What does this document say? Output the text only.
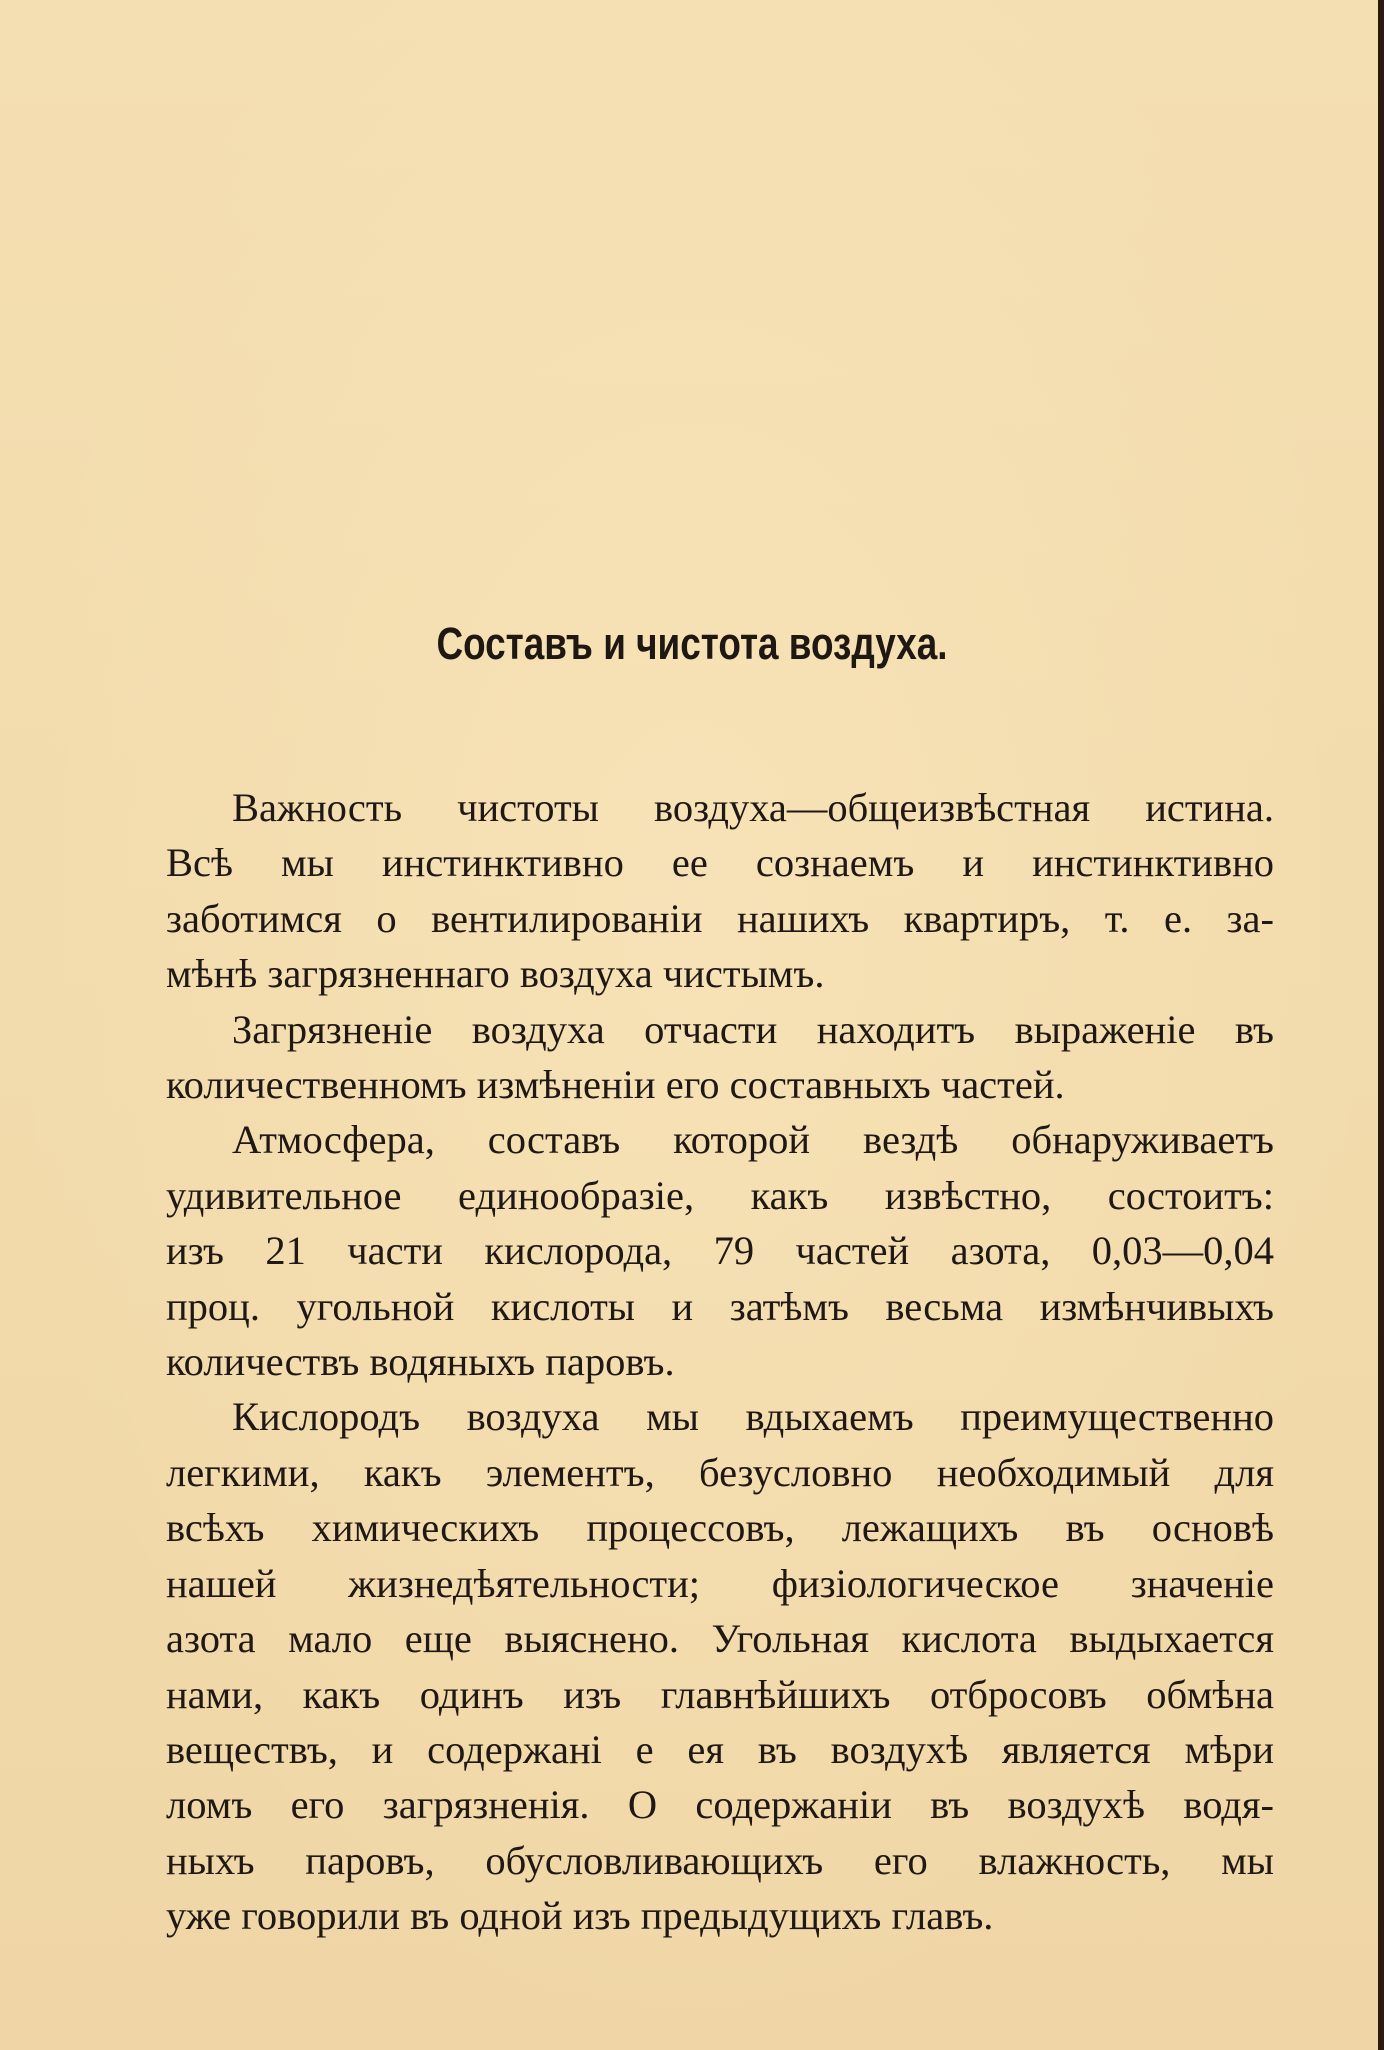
Составъ и чистота воздуха.
Важность чистоты воздуха—общеизвѣстная истина.
Всѣ мы инстинктивно ее сознаемъ и инстинктивно
заботимся о вентилированіи нашихъ квартиръ, т. е. за-
мѣнѣ загрязненнаго воздуха чистымъ.
Загрязненіе воздуха отчасти находитъ выраженіе въ
количественномъ измѣненіи его составныхъ частей.
Атмосфера, составъ которой вездѣ обнаруживаетъ
удивительное единообразіе, какъ извѣстно, состоитъ:
изъ 21 части кислорода, 79 частей азота, 0,03—0,04
проц. угольной кислоты и затѣмъ весьма измѣнчивыхъ
количествъ водяныхъ паровъ.
Кислородъ воздуха мы вдыхаемъ преимущественно
легкими, какъ элементъ, безусловно необходимый для
всѣхъ химическихъ процессовъ, лежащихъ въ основѣ
нашей жизнедѣятельности; физіологическое значеніе
азота мало еще выяснено. Угольная кислота выдыхается
нами, какъ одинъ изъ главнѣйшихъ отбросовъ обмѣна
веществъ, и содержані е ея въ воздухѣ является мѣри
ломъ его загрязненія. О содержаніи въ воздухѣ водя-
ныхъ паровъ, обусловливающихъ его влажность, мы
уже говорили въ одной изъ предыдущихъ главъ.
